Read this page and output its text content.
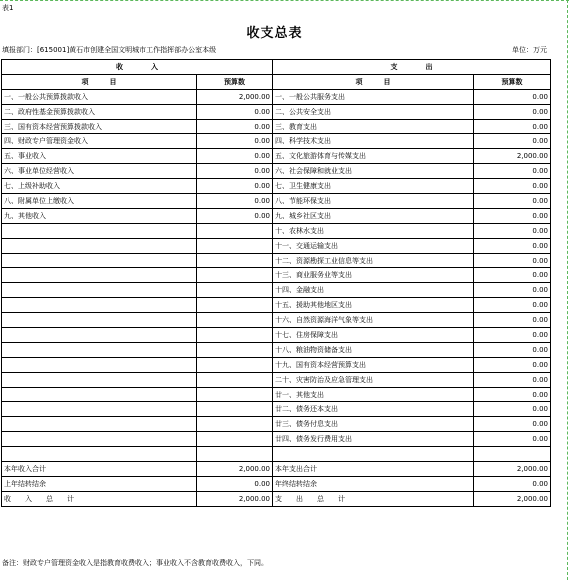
表1
收支总表
填报部门：[615001]黄石市创建全国文明城市工作指挥部办公室本级	单位：万元
收　　　　入		支　　　　出	
项　　　目	预算数	项　　　目	预算数
一、一般公共预算拨款收入	2,000.00	一、一般公共服务支出	0.00
二、政府性基金预算拨款收入	0.00	二、公共安全支出	0.00
三、国有资本经营预算拨款收入	0.00	三、教育支出	0.00
四、财政专户管理资金收入	0.00	四、科学技术支出	0.00
五、事业收入	0.00	五、文化旅游体育与传媒支出	2,000.00
六、事业单位经营收入	0.00	六、社会保障和就业支出	0.00
七、上级补助收入	0.00	七、卫生健康支出	0.00
八、附属单位上缴收入	0.00	八、节能环保支出	0.00
九、其他收入	0.00	九、城乡社区支出	0.00
		十、农林水支出	0.00
		十一、交通运输支出	0.00
		十二、资源勘探工业信息等支出	0.00
		十三、商业服务业等支出	0.00
		十四、金融支出	0.00
		十五、援助其他地区支出	0.00
		十六、自然资源海洋气象等支出	0.00
		十七、住房保障支出	0.00
		十八、粮油物资储备支出	0.00
		十九、国有资本经营预算支出	0.00
		二十、灾害防治及应急管理支出	0.00
		廿一、其他支出	0.00
		廿二、债务还本支出	0.00
		廿三、债务付息支出	0.00
		廿四、债务发行费用支出	0.00

本年收入合计	2,000.00	本年支出合计	2,000.00
上年结转结余	0.00	年终结转结余	0.00
收　　入　　总　　计	2,000.00	支　　出　　总　　计	2,000.00
备注：财政专户管理资金收入是指教育收费收入；事业收入不含教育收费收入，下同。
